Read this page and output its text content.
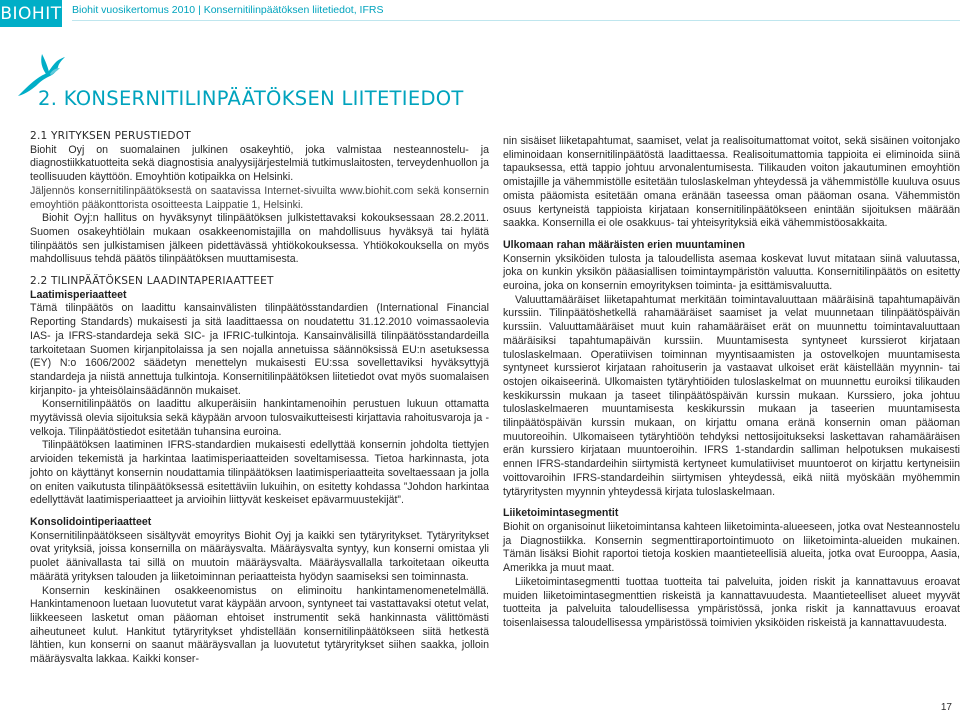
BIOHIT Biohit vuosikertomus 2010 | Konsernitilinpäätöksen liitetiedot, IFRS
2. KONSERNITILINPÄÄTÖKSEN LIITETIEDOT

2.1 YRITYKSEN PERUSTIEDOT

Biohit Oyj on suomalainen julkinen osakeyhtiö, joka valmistaa nesteannostelu- ja diagnostiikkatuotteita sekä diagnostisia analyysijärjestelmiä tutkimuslaitosten, terveydenhuollon ja teollisuuden käyttöön. Emoyhtiön kotipaikka on Helsinki.

Jäljennös konsernitilinpäätöksestä on saatavissa Internet-sivuilta www.biohit.com sekä konsernin emoyhtiön pääkonttorista osoitteesta Laippatie 1, Helsinki.

Biohit Oyj:n hallitus on hyväksynyt tilinpäätöksen julkistettavaksi kokouksessaan 28.2.2011. Suomen osakeyhtiölain mukaan osakkeenomistajilla on mahdollisuus hyväksyä tai hylätä tilinpäätös sen julkistamisen jälkeen pidettävässä yhtiökokouksessa. Yhtiökokouksella on myös mahdollisuus tehdä päätös tilinpäätöksen muuttamisesta.

2.2 TILINPÄÄTÖKSEN LAADINTAPERIAATTEET

Laatimisperiaatteet

Tämä tilinpäätös on laadittu kansainvälisten tilinpäätösstandardien (International Financial Reporting Standards) mukaisesti ja sitä laadittaessa on noudatettu 31.12.2010 voimassaolevia IAS- ja IFRS-standardeja sekä SIC- ja IFRIC-tulkintoja. Kansainvälisillä tilinpäätösstandardeilla tarkoitetaan Suomen kirjanpitolaissa ja sen nojalla annetuissa säännöksissä EU:n asetuksessa (EY) N:o 1606/2002 säädetyn menettelyn mukaisesti EU:ssa sovellettaviksi hyväksyttyjä standardeja ja niistä annettuja tulkintoja. Konsernitilinpäätöksen liitetiedot ovat myös suomalaisen kirjanpito- ja yhteisölainsäädännön mukaiset.

Konsernitilinpäätös on laadittu alkuperäisiin hankintamenoihin perustuen lukuun ottamatta myytävissä olevia sijoituksia sekä käypään arvoon tulosvaikutteisesti kirjattavia rahoitusvaroja ja -velkoja. Tilinpäätöstiedot esitetään tuhansina euroina.

Tilinpäätöksen laatiminen IFRS-standardien mukaisesti edellyttää konsernin johdolta tiettyjen arvioiden tekemistä ja harkintaa laatimisperiaatteiden soveltamisessa. Tietoa harkinnasta, jota johto on käyttänyt konsernin noudattamia tilinpäätöksen laatimisperiaatteita soveltaessaan ja jolla on eniten vaikutusta tilinpäätöksessä esitettäviin lukuihin, on esitetty kohdassa ”Johdon harkintaa edellyttävät laatimisperiaatteet ja arvioihin liittyvät keskeiset epävarmuustekijät”.

Konsolidointiperiaatteet

Konsernitilinpäätökseen sisältyvät emoyritys Biohit Oyj ja kaikki sen tytäryritykset. Tytäryritykset ovat yrityksiä, joissa konsernilla on määräysvalta. Määräysvalta syntyy, kun konserni omistaa yli puolet äänivallasta tai sillä on muutoin määräysvalta. Määräysvallalla tarkoitetaan oikeutta määrätä yrityksen talouden ja liiketoiminnan periaatteista hyödyn saamiseksi sen toiminnasta.

Konsernin keskinäinen osakkeenomistus on eliminoitu hankintamenomenetelmällä. Hankintamenoon luetaan luovutetut varat käypään arvoon, syntyneet tai vastattavaksi otetut velat, liikkeeseen lasketut oman pääoman ehtoiset instrumentit sekä hankinnasta välittömästi aiheutuneet kulut. Hankitut tytäryritykset yhdistellään konsernitilinpäätökseen siitä hetkestä lähtien, kun konserni on saanut määräysvallan ja luovutetut tytäryritykset siihen saakka, jolloin määräysvalta lakkaa. Kaikki konser-

nin sisäiset liiketapahtumat, saamiset, velat ja realisoitumattomat voitot, sekä sisäinen voitonjako eliminoidaan konsernitilinpäätöstä laadittaessa. Realisoitumattomia tappioita ei eliminoida siinä tapauksessa, että tappio johtuu arvonalentumisesta. Tilikauden voiton jakautuminen emoyhtiön omistajille ja vähemmistölle esitetään tuloslaskelman yhteydessä ja vähemmistölle kuuluva osuus omista pääomista esitetään omana eränään taseessa oman pääoman osana. Vähemmistön osuus kertyneistä tappioista kirjataan konsernitilinpäätökseen enintään sijoituksen määrään saakka. Konsernilla ei ole osakkuus- tai yhteisyrityksiä eikä vähemmistöosakkaita.

Ulkomaan rahan määräisten erien muuntaminen

Konsernin yksiköiden tulosta ja taloudellista asemaa koskevat luvut mitataan siinä valuutassa, joka on kunkin yksikön pääasiallisen toimintaympäristön valuutta. Konsernitilinpäätös on esitetty euroina, joka on konsernin emoyrityksen toiminta- ja esittämisvaluutta.

Valuuttamääräiset liiketapahtumat merkitään toimintavaluuttaan määräisinä tapahtumapäivän kurssiin. Tilinpäätöshetkellä rahamääräiset saamiset ja velat muunnetaan tilinpäätöspäivän kurssiin. Valuuttamääräiset muut kuin rahamääräiset erät on muunnettu toimintavaluuttaan määräisiksi tapahtumapäivän kurssiin. Muuntamisesta syntyneet kurssierot kirjataan tuloslaskelmaan. Operatiivisen toiminnan myyntisaamisten ja ostovelkojen muuntamisesta syntyneet kurssierot kirjataan rahoituserin ja vastaavat ulkoiset erät käistellään myynnin- tai ostojen oikaiseerinä. Ulkomaisten tytäryhtiöiden tuloslaskelmat on muunnettu euroiksi tilikauden keskikurssin mukaan ja taseet tilinpäätöspäivän kurssin mukaan. Kurssiero, joka johtuu tuloslaskelmaeren muuntamisesta keskikurssin mukaan ja taseerien muuntamisesta tilinpäätöspäivän kurssin mukaan, on kirjattu omana eränä konsernin oman pääoman muutoreoihin. Ulkomaiseen tytäryhtiöön tehdyksi nettosijoitukseksi laskettavan rahamääräisen erän kurssiero kirjataan muuntoeroihin. IFRS 1-standardin salliman helpotuksen mukaisesti ennen IFRS-standardeihin siirtymistä kertyneet kumulatiiviset muuntoerot on kirjattu kertyneisiin voittovaroihin IFRS-standardeihin siirtymisen yhteydessä, eikä niitä myöskään myöhemmin tytäryritysten myynnin yhteydessä kirjata tuloslaskelmaan.

Liiketoimintasegmentit

Biohit on organisoinut liiketoimintansa kahteen liiketoiminta-alueeseen, jotka ovat Nesteannostelu ja Diagnostiikka. Konsernin segmenttiraportointimuoto on liiketoiminta-alueiden mukainen. Tämän lisäksi Biohit raportoi tietoja koskien maantieteellisiä alueita, jotka ovat Eurooppa, Aasia, Amerikka ja muut maat.

Liiketoimintasegmentti tuottaa tuotteita tai palveluita, joiden riskit ja kannattavuus eroavat muiden liiketoimintasegmenttien riskeistä ja kannattavuudesta. Maantieteelliset alueet myyvät tuotteita ja palveluita taloudellisessa ympäristössä, jonka riskit ja kannattavuus eroavat toisenlaisessa taloudellisessa ympäristössä toimivien yksiköiden riskeistä ja kannattavuudesta.

17
